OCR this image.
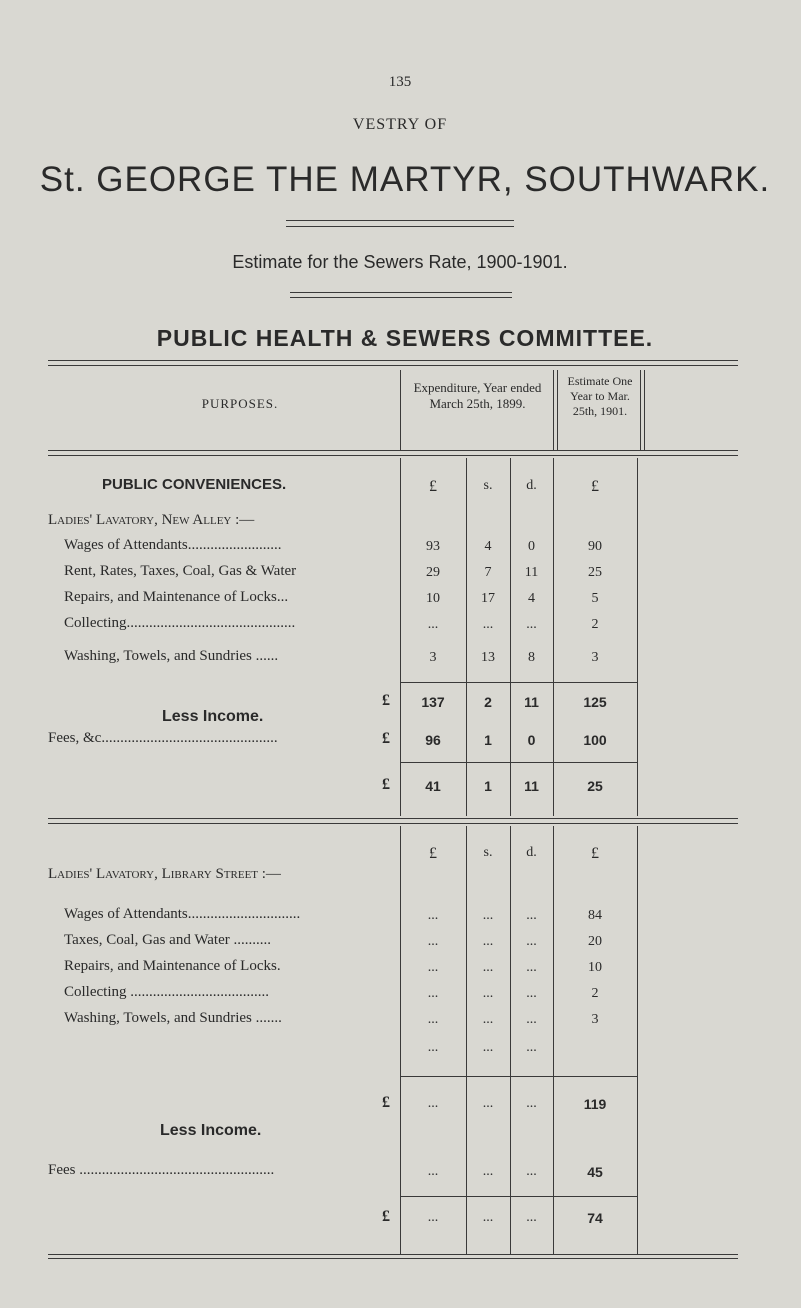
135
VESTRY OF
St. GEORGE THE MARTYR, SOUTHWARK.
Estimate for the Sewers Rate, 1900-1901.
PUBLIC HEALTH & SEWERS COMMITTEE.
PURPOSES.
Expenditure, Year ended March 25th, 1899.
Estimate One Year to Mar. 25th, 1901.
PUBLIC CONVENIENCES.	£	s.	d.	£
Ladies' Lavatory, New Alley :—
Wages of Attendants.........................	93	4	0	90
Rent, Rates, Taxes, Coal, Gas & Water	29	7	11	25
Repairs, and Maintenance of Locks...	10	17	4	5
Collecting.............................................	...	...	...	2
Washing, Towels, and Sundries ......	3	13	8	3
£	137	2	11	125
Less Income.
Fees, &c...............................................	£	96	1	0	100
£	41	1	11	25
£	s.	d.	£
Ladies' Lavatory, Library Street :—
Wages of Attendants..............................	...	...	...	84
Taxes, Coal, Gas and Water ..........	...	...	...	20
Repairs, and Maintenance of Locks.	...	...	...	10
Collecting .....................................	...	...	...	2
Washing, Towels, and Sundries .......	...	...	...	3
...	...	...
£	...	...	...	119
Less Income.
Fees ....................................................	...	...	...	45
£	...	...	...	74
